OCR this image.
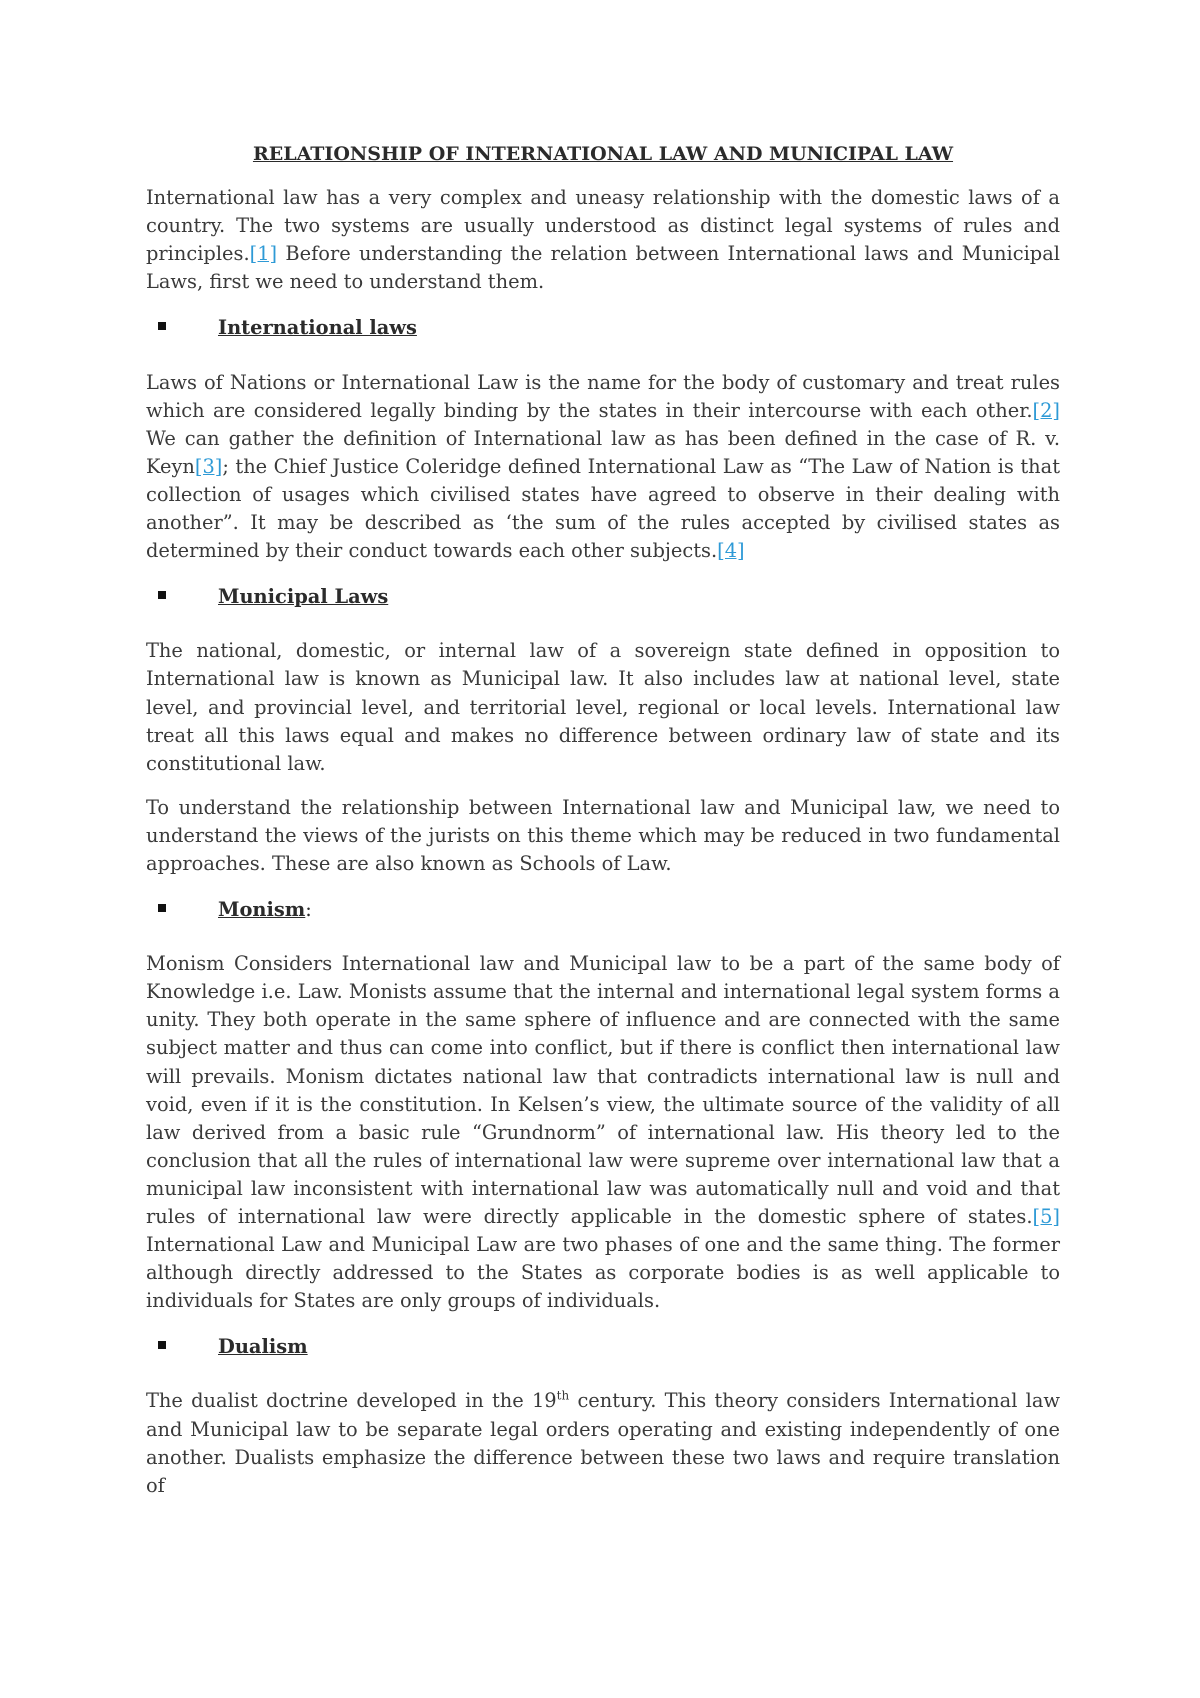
RELATIONSHIP OF INTERNATIONAL LAW AND MUNICIPAL LAW

International law has a very complex and uneasy relationship with the domestic laws of a country. The two systems are usually understood as distinct legal systems of rules and principles.[1] Before understanding the relation between International laws and Municipal Laws, first we need to understand them.

International laws

Laws of Nations or International Law is the name for the body of customary and treat rules which are considered legally binding by the states in their intercourse with each other.[2] We can gather the definition of International law as has been defined in the case of R. v. Keyn[3]; the Chief Justice Coleridge defined International Law as “The Law of Nation is that collection of usages which civilised states have agreed to observe in their dealing with another”. It may be described as ‘the sum of the rules accepted by civilised states as determined by their conduct towards each other subjects.[4]

Municipal Laws

The national, domestic, or internal law of a sovereign state defined in opposition to International law is known as Municipal law. It also includes law at national level, state level, and provincial level, and territorial level, regional or local levels. International law treat all this laws equal and makes no difference between ordinary law of state and its constitutional law.

To understand the relationship between International law and Municipal law, we need to understand the views of the jurists on this theme which may be reduced in two fundamental approaches. These are also known as Schools of Law.

Monism :

Monism Considers International law and Municipal law to be a part of the same body of Knowledge i.e. Law. Monists assume that the internal and international legal system forms a unity. They both operate in the same sphere of influence and are connected with the same subject matter and thus can come into conflict, but if there is conflict then international law will prevails. Monism dictates national law that contradicts international law is null and void, even if it is the constitution. In Kelsen’s view, the ultimate source of the validity of all law derived from a basic rule “Grundnorm” of international law. His theory led to the conclusion that all the rules of international law were supreme over international law that a municipal law inconsistent with international law was automatically null and void and that rules of international law were directly applicable in the domestic sphere of states.[5] International Law and Municipal Law are two phases of one and the same thing. The former although directly addressed to the States as corporate bodies is as well applicable to individuals for States are only groups of individuals.

Dualism

The dualist doctrine developed in the 19th century. This theory considers International law and Municipal law to be separate legal orders operating and existing independently of one another. Dualists emphasize the difference between these two laws and require translation of
